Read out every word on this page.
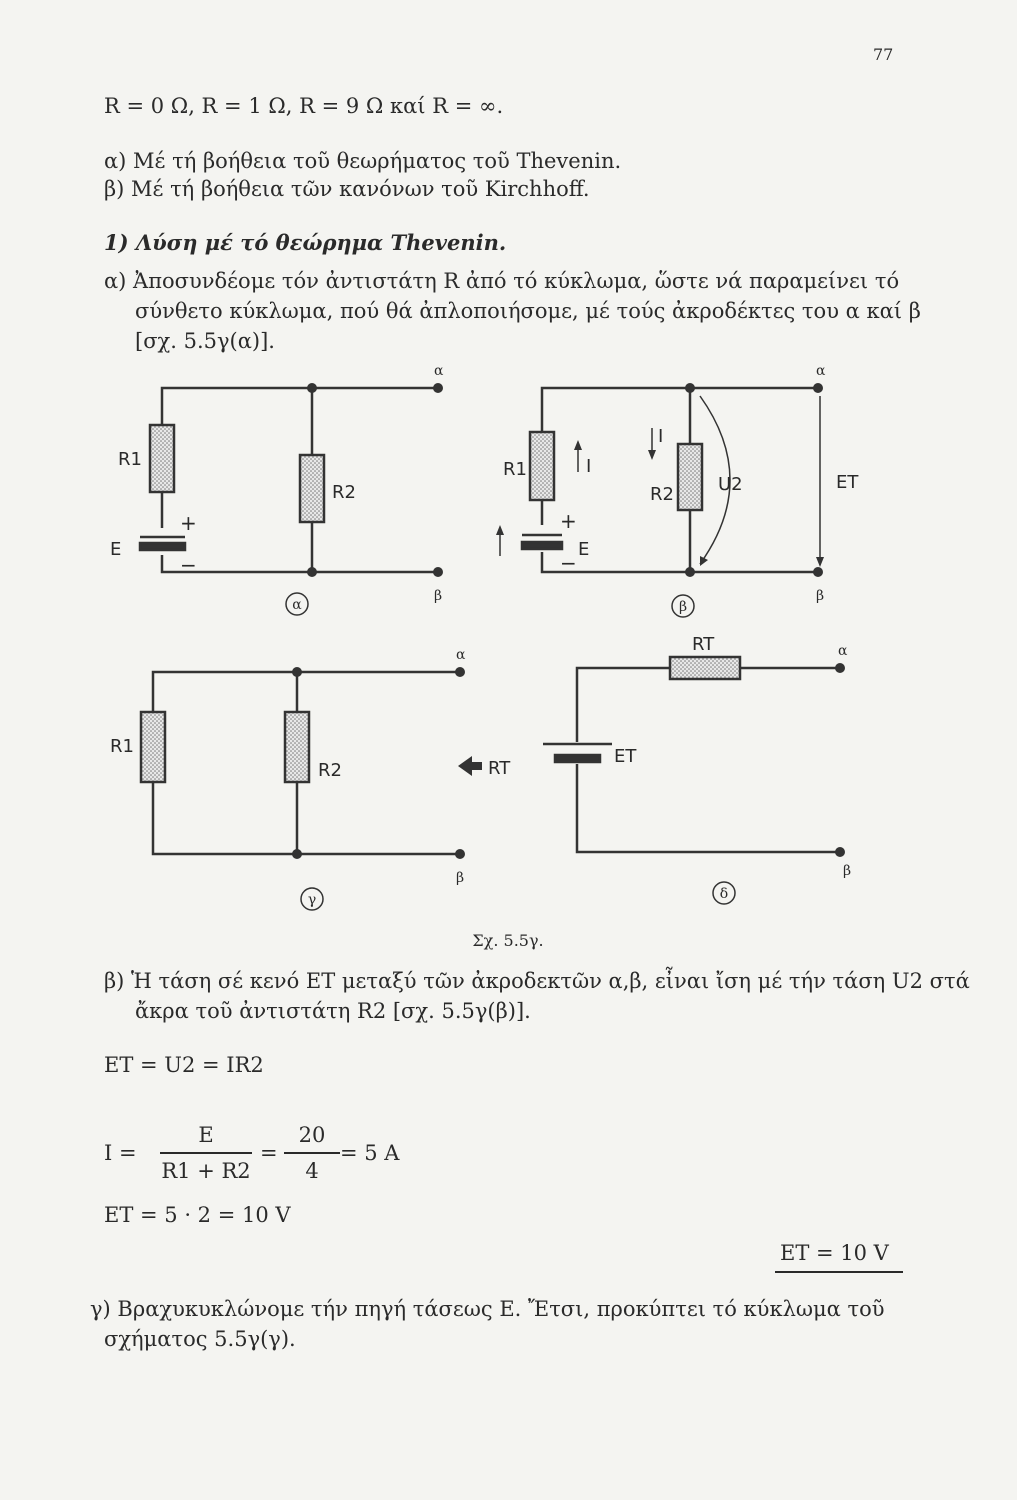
77
R = 0 Ω, R = 1 Ω, R = 9 Ω καί R = ∞.
α) Μέ τή βοήθεια τοῦ θεωρήματος τοῦ Thevenin.
β) Μέ τή βοήθεια τῶν κανόνων τοῦ Kirchhoff.
1) Λύση μέ τό θεώρημα Thevenin.
α) Ἀποσυνδέομε τόν ἀντιστάτη R ἀπό τό κύκλωμα, ὥστε νά παραμείνει τό
σύνθετο κύκλωμα, πού θά ἀπλοποιήσομε, μέ τούς ἀκροδέκτες του α καί β
[σχ. 5.5γ(α)].
R1
R2
E
+
−
α
β
α
R1
R2
I
I
U2	ET
E
+
−
α
β
β
R1
R2
α
β
γ
RT
RT
ET
α
β
δ
Σχ. 5.5γ.
β) Ἡ τάση σέ κενό ET μεταξύ τῶν ἀκροδεκτῶν α,β, εἶναι ἴση μέ τήν τάση U2 στά
ἄκρα τοῦ ἀντιστάτη R2 [σχ. 5.5γ(β)].
ET = U2 = IR2
I =
E
R1 + R2
=
20
4
= 5 A
ET = 5 · 2 = 10 V
ET = 10 V
γ) Βραχυκυκλώνομε τήν πηγή τάσεως Ε. Ἔτσι, προκύπτει τό κύκλωμα τοῦ
σχήματος 5.5γ(γ).
